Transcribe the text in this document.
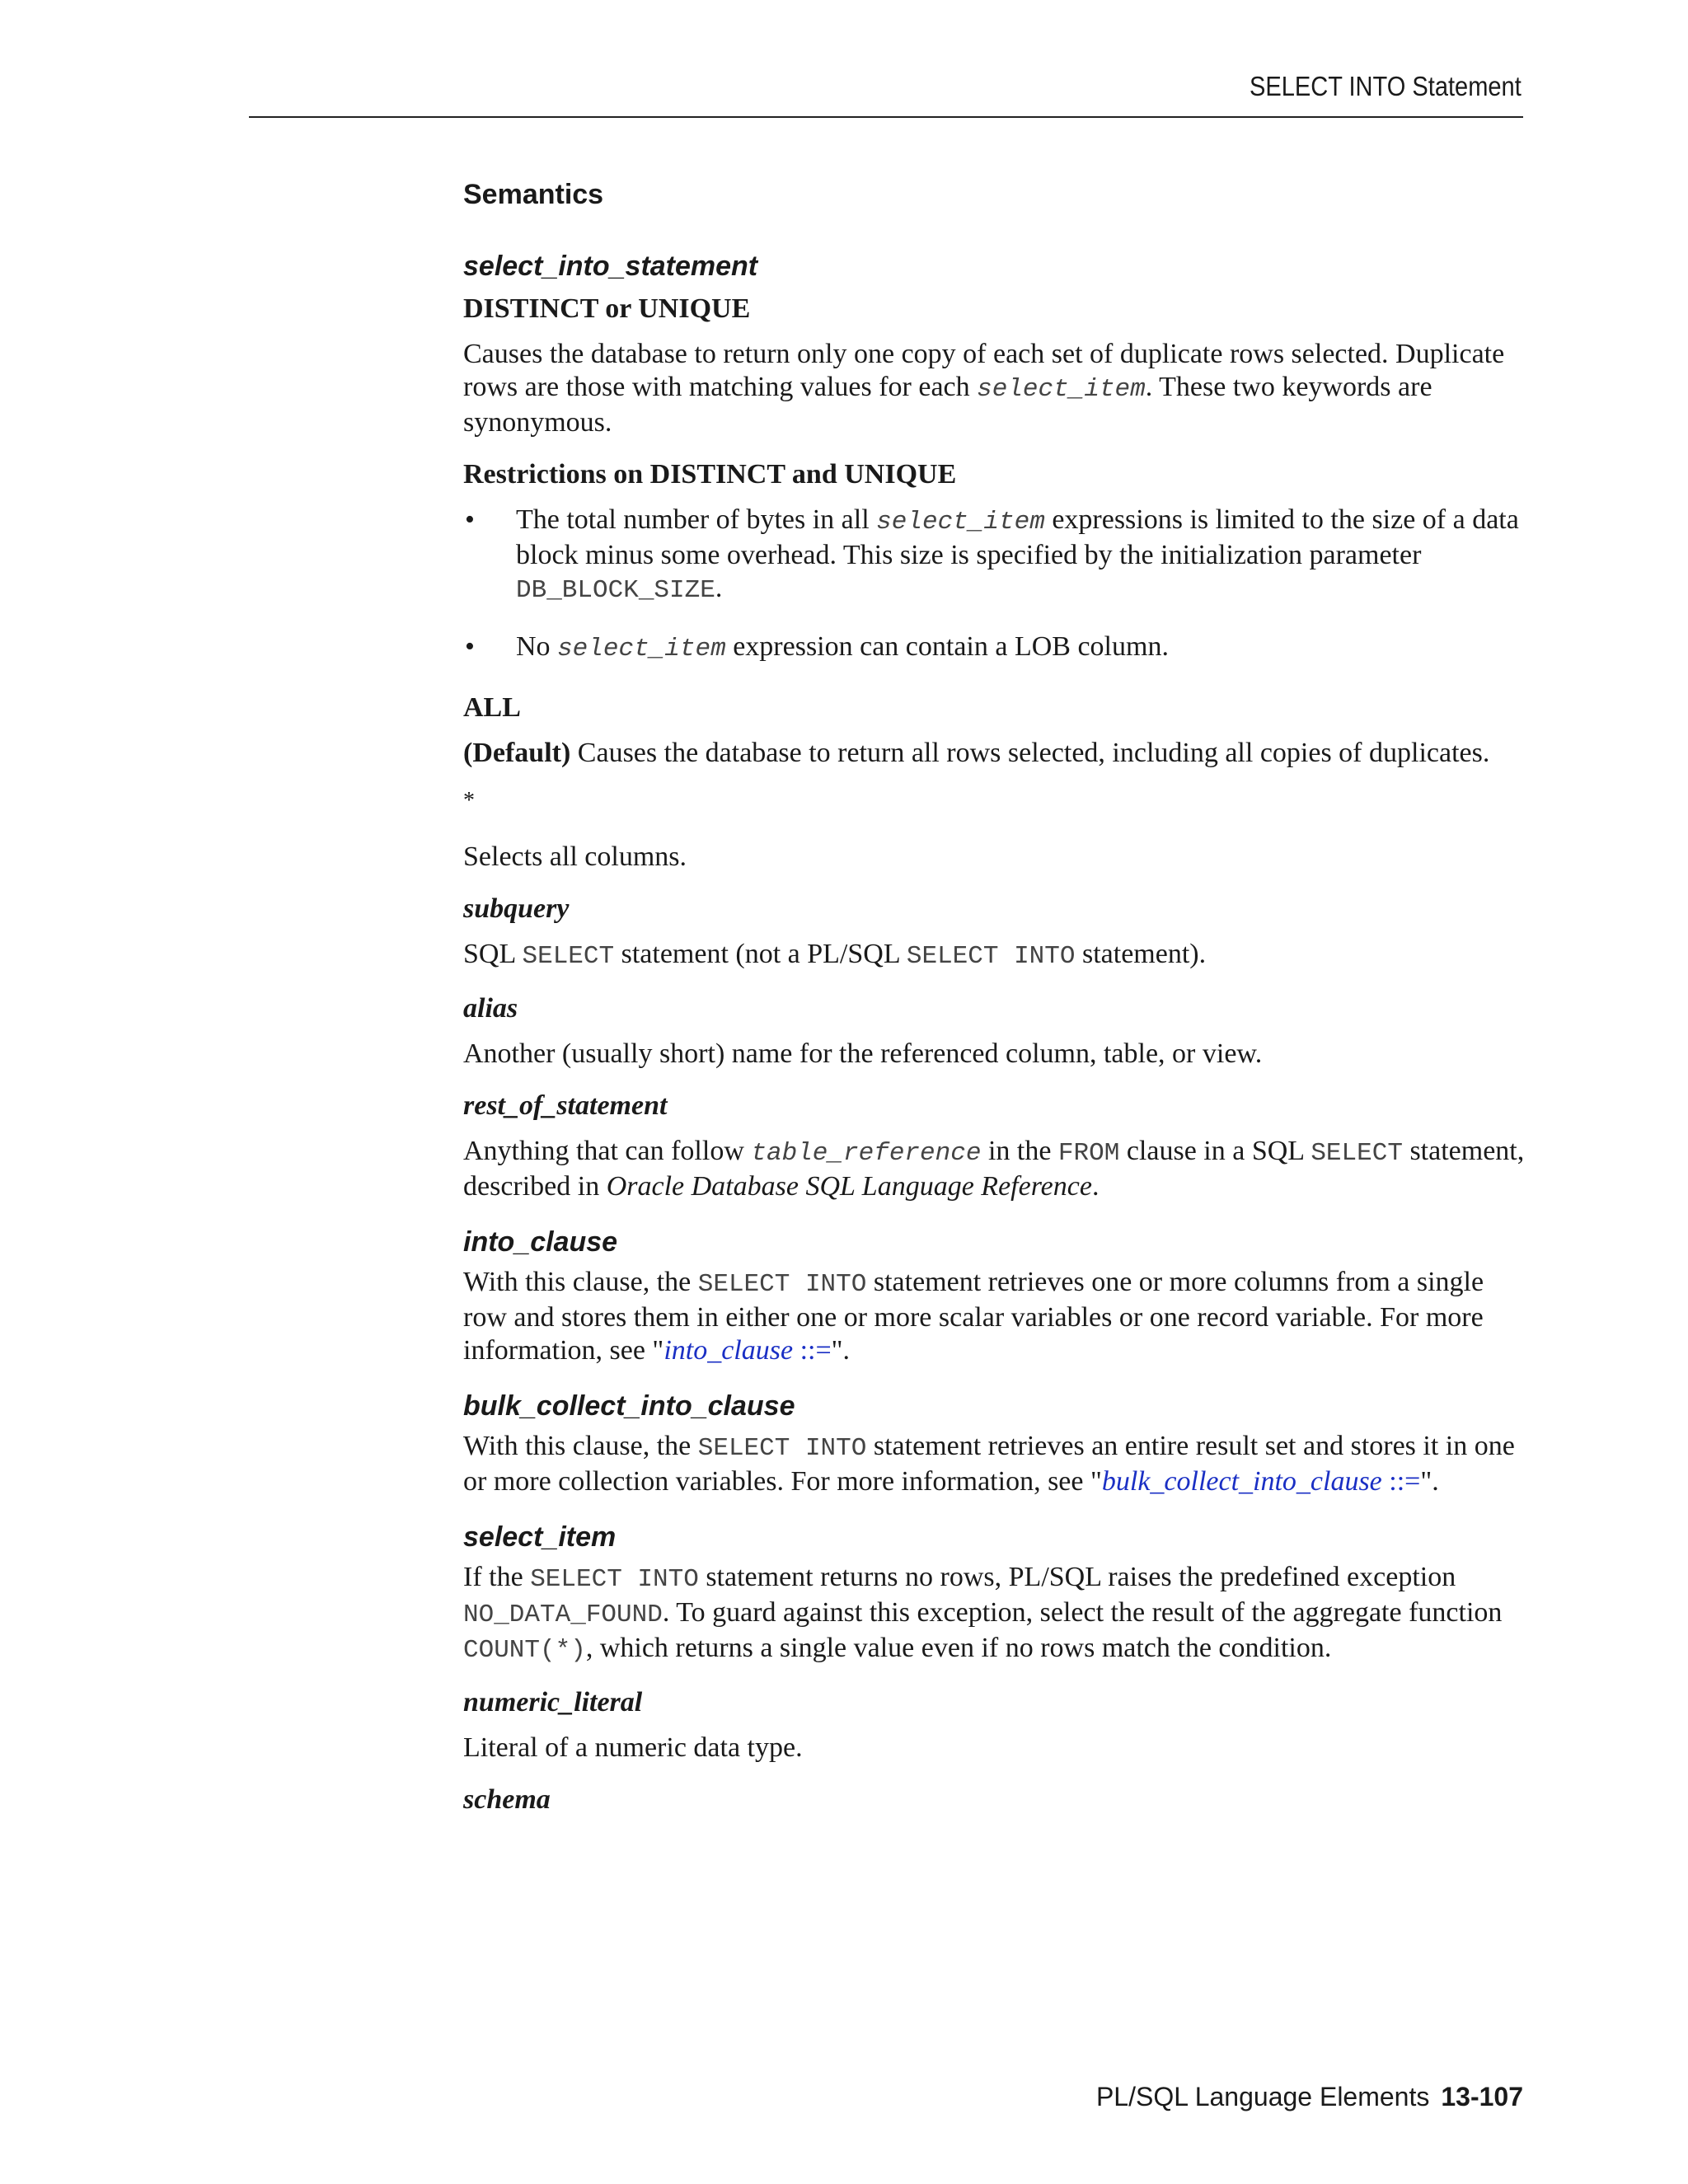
SELECT INTO Statement
Semantics
select_into_statement
DISTINCT or UNIQUE
Causes the database to return only one copy of each set of duplicate rows selected. Duplicate rows are those with matching values for each select_item. These two keywords are synonymous.
Restrictions on DISTINCT and UNIQUE
• The total number of bytes in all select_item expressions is limited to the size of a data block minus some overhead. This size is specified by the initialization parameter DB_BLOCK_SIZE.
• No select_item expression can contain a LOB column.
ALL
(Default) Causes the database to return all rows selected, including all copies of duplicates.
*
Selects all columns.
subquery
SQL SELECT statement (not a PL/SQL SELECT INTO statement).
alias
Another (usually short) name for the referenced column, table, or view.
rest_of_statement
Anything that can follow table_reference in the FROM clause in a SQL SELECT statement, described in Oracle Database SQL Language Reference.
into_clause
With this clause, the SELECT INTO statement retrieves one or more columns from a single row and stores them in either one or more scalar variables or one record variable. For more information, see "into_clause ::=".
bulk_collect_into_clause
With this clause, the SELECT INTO statement retrieves an entire result set and stores it in one or more collection variables. For more information, see "bulk_collect_into_clause ::=".
select_item
If the SELECT INTO statement returns no rows, PL/SQL raises the predefined exception NO_DATA_FOUND. To guard against this exception, select the result of the aggregate function COUNT(*), which returns a single value even if no rows match the condition.
numeric_literal
Literal of a numeric data type.
schema
PL/SQL Language Elements 13-107
